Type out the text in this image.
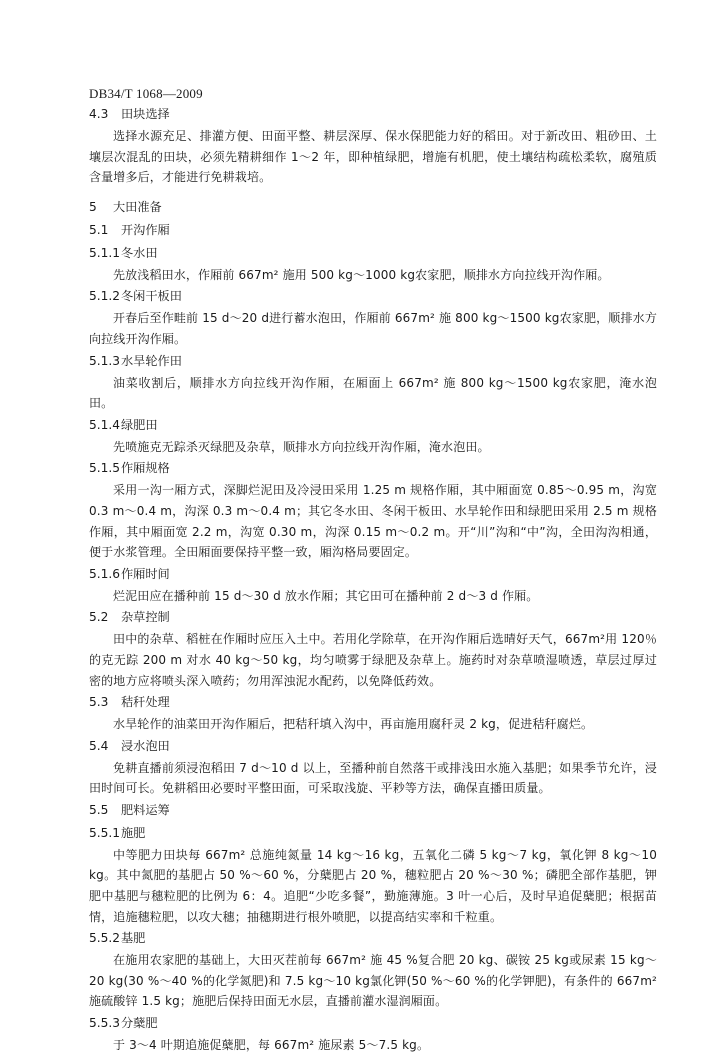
DB34/T 1068—2009
4.3 田块选择

选择水源充足、排灌方便、田面平整、耕层深厚、保水保肥能力好的稻田。对于新改田、粗砂田、土壤层次混乱的田块，必须先精耕细作 1～2 年，即种植绿肥，增施有机肥，使土壤结构疏松柔软，腐殖质含量增多后，才能进行免耕栽培。

5 大田准备
5.1 开沟作厢
5.1.1冬水田

先放浅稻田水，作厢前 667m² 施用 500 kg～1000 kg农家肥，顺排水方向拉线开沟作厢。

5.1.2冬闲干板田

开春后至作畦前 15 d～20 d进行蓄水泡田，作厢前 667m² 施 800 kg～1500 kg农家肥，顺排水方向拉线开沟作厢。

5.1.3水旱轮作田

油菜收割后，顺排水方向拉线开沟作厢，在厢面上 667m² 施 800 kg～1500 kg农家肥，淹水泡田。

5.1.4绿肥田

先喷施克无踪杀灭绿肥及杂草，顺排水方向拉线开沟作厢，淹水泡田。

5.1.5作厢规格

采用一沟一厢方式，深脚烂泥田及冷浸田采用 1.25 m 规格作厢，其中厢面宽 0.85～0.95 m，沟宽 0.3 m～0.4 m，沟深 0.3 m～0.4 m；其它冬水田、冬闲干板田、水旱轮作田和绿肥田采用 2.5 m 规格作厢，其中厢面宽 2.2 m，沟宽 0.30 m，沟深 0.15 m～0.2 m。开“川”沟和“中”沟，全田沟沟相通，便于水浆管理。全田厢面要保持平整一致，厢沟格局要固定。

5.1.6作厢时间

烂泥田应在播种前 15 d～30 d 放水作厢；其它田可在播种前 2 d～3 d 作厢。

5.2 杂草控制

田中的杂草、稻桩在作厢时应压入土中。若用化学除草，在开沟作厢后选晴好天气，667m²用 120％的克无踪 200 m 对水 40 kg～50 kg，均匀喷雾于绿肥及杂草上。施药时对杂草喷湿喷透，草层过厚过密的地方应将喷头深入喷药；勿用浑浊泥水配药，以免降低药效。

5.3 秸秆处理

水旱轮作的油菜田开沟作厢后，把秸秆填入沟中，再亩施用腐秆灵 2 kg，促进秸秆腐烂。

5.4 浸水泡田

免耕直播前须浸泡稻田 7 d～10 d 以上，至播种前自然落干或排浅田水施入基肥；如果季节允许，浸田时间可长。免耕稻田必要时平整田面，可采取浅旋、平耖等方法，确保直播田质量。

5.5 肥料运筹
5.5.1施肥

中等肥力田块每 667m² 总施纯氮量 14 kg～16 kg，五氧化二磷 5 kg～7 kg，氧化钾 8 kg～10 kg。其中氮肥的基肥占 50 %～60 %，分蘖肥占 20 %，穗粒肥占 20 %～30 %；磷肥全部作基肥，钾肥中基肥与穗粒肥的比例为 6：4。追肥“少吃多餐”，勤施薄施。3 叶一心后，及时早追促蘖肥；根据苗情，追施穗粒肥，以攻大穗；抽穗期进行根外喷肥，以提高结实率和千粒重。

5.5.2基肥

在施用农家肥的基础上，大田灭茬前每 667m² 施 45 %复合肥 20 kg、碳铵 25 kg或尿素 15 kg～20 kg(30 %～40 %的化学氮肥)和 7.5 kg～10 kg氯化钾(50 %～60 %的化学钾肥)，有条件的 667m² 施硫酸锌 1.5 kg；施肥后保持田面无水层，直播前灌水湿润厢面。

5.5.3分蘖肥

于 3～4 叶期追施促蘖肥，每 667m² 施尿素 5～7.5 kg。
